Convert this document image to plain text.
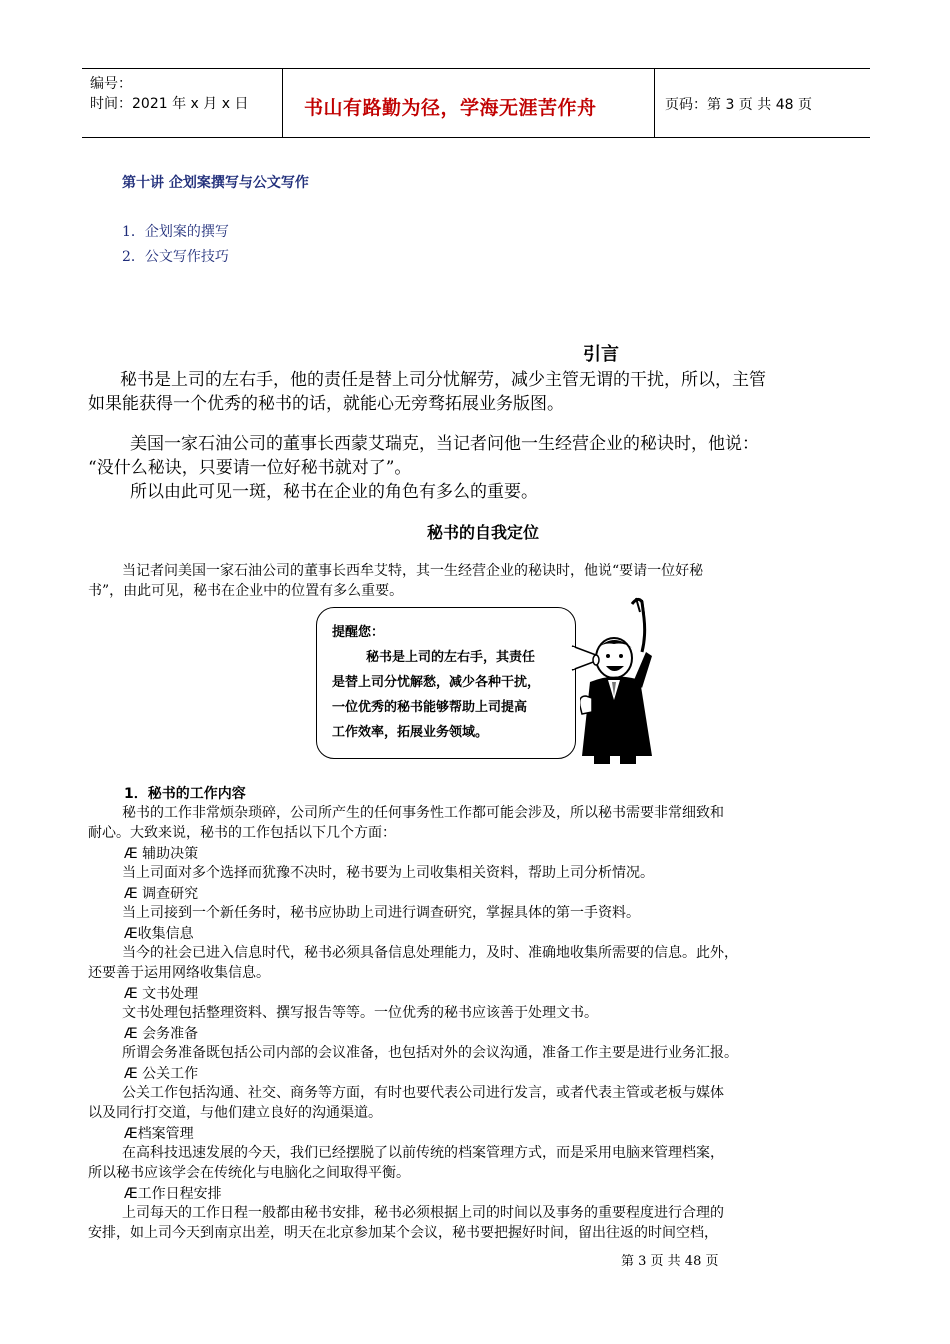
编号：
时间：2021 年 x 月 x 日	书山有路勤为径，学海无涯苦作舟	页码：第 3 页 共 48 页
第十讲 企划案撰写与公文写作
1．企划案的撰写
2．公文写作技巧
引言
秘书是上司的左右手，他的责任是替上司分忧解劳，减少主管无谓的干扰，所以，主管
如果能获得一个优秀的秘书的话，就能心无旁骛拓展业务版图。
美国一家石油公司的董事长西蒙艾瑞克，当记者问他一生经营企业的秘诀时，他说：
“没什么秘诀，只要请一位好秘书就对了”。
所以由此可见一斑，秘书在企业的角色有多么的重要。
秘书的自我定位
当记者问美国一家石油公司的董事长西牟艾特，其一生经营企业的秘诀时，他说“要请一位好秘
书”，由此可见，秘书在企业中的位置有多么重要。
提醒您：
秘书是上司的左右手，其责任
是替上司分忧解愁，减少各种干扰，
一位优秀的秘书能够帮助上司提高
工作效率，拓展业务领域。
1．秘书的工作内容
秘书的工作非常烦杂琐碎，公司所产生的任何事务性工作都可能会涉及，所以秘书需要非常细致和
耐心。大致来说，秘书的工作包括以下几个方面：
Æ 辅助决策
当上司面对多个选择而犹豫不决时，秘书要为上司收集相关资料，帮助上司分析情况。
Æ 调查研究
当上司接到一个新任务时，秘书应协助上司进行调查研究，掌握具体的第一手资料。
Æ收集信息
当今的社会已进入信息时代，秘书必须具备信息处理能力，及时、准确地收集所需要的信息。此外，
还要善于运用网络收集信息。
Æ 文书处理
文书处理包括整理资料、撰写报告等等。一位优秀的秘书应该善于处理文书。
Æ 会务准备
所谓会务准备既包括公司内部的会议准备，也包括对外的会议沟通，准备工作主要是进行业务汇报。
Æ 公关工作
公关工作包括沟通、社交、商务等方面，有时也要代表公司进行发言，或者代表主管或老板与媒体
以及同行打交道，与他们建立良好的沟通渠道。
Æ档案管理
在高科技迅速发展的今天，我们已经摆脱了以前传统的档案管理方式，而是采用电脑来管理档案，
所以秘书应该学会在传统化与电脑化之间取得平衡。
Æ工作日程安排
上司每天的工作日程一般都由秘书安排，秘书必须根据上司的时间以及事务的重要程度进行合理的
安排，如上司今天到南京出差，明天在北京参加某个会议，秘书要把握好时间，留出往返的时间空档，
第 3 页 共 48 页
